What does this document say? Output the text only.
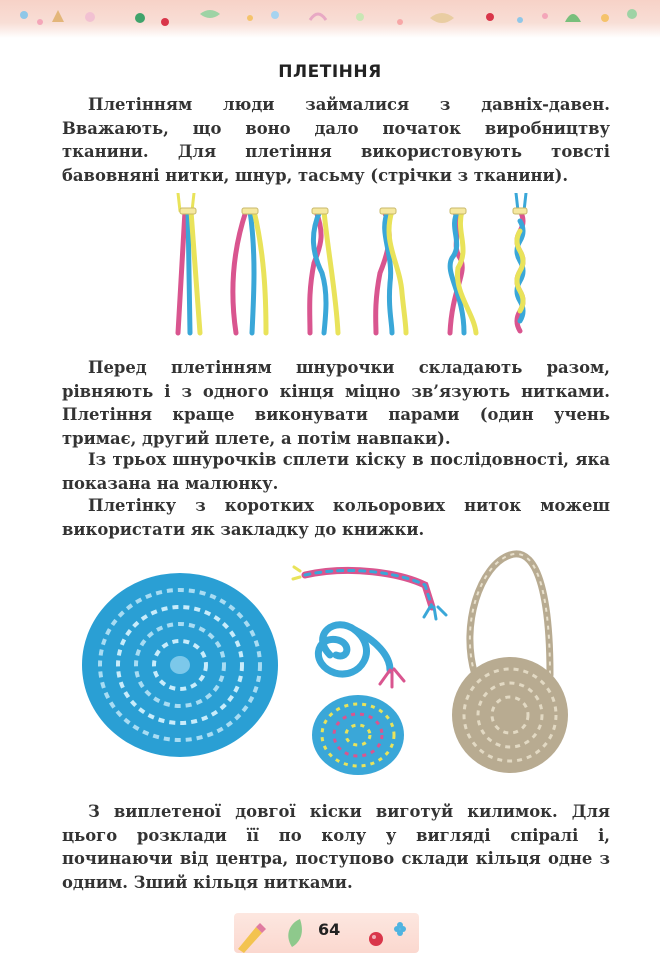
ПЛЕТІННЯ

Плетінням люди займалися з давніх-давен. Вважають, що воно дало початок виробництву тканини. Для плетіння використовують товсті бавовняні нитки, шнур, тасьму (стрічки з тканини).

Перед плетінням шнурочки складають разом, рівняють і з одного кінця міцно зв’язують нитками. Плетіння краще виконувати парами (один учень тримає, другий плете, а потім навпаки).

Із трьох шнурочків сплети кіску в послідовності, яка показана на малюнку.

Плетінку з коротких кольорових ниток можеш використати як закладку до книжки.

З виплетеної довгої кіски виготуй килимок. Для цього розклади її по колу у вигляді спіралі і, починаючи від центра, поступово склади кільця одне з одним. Зший кільця нитками.

64
